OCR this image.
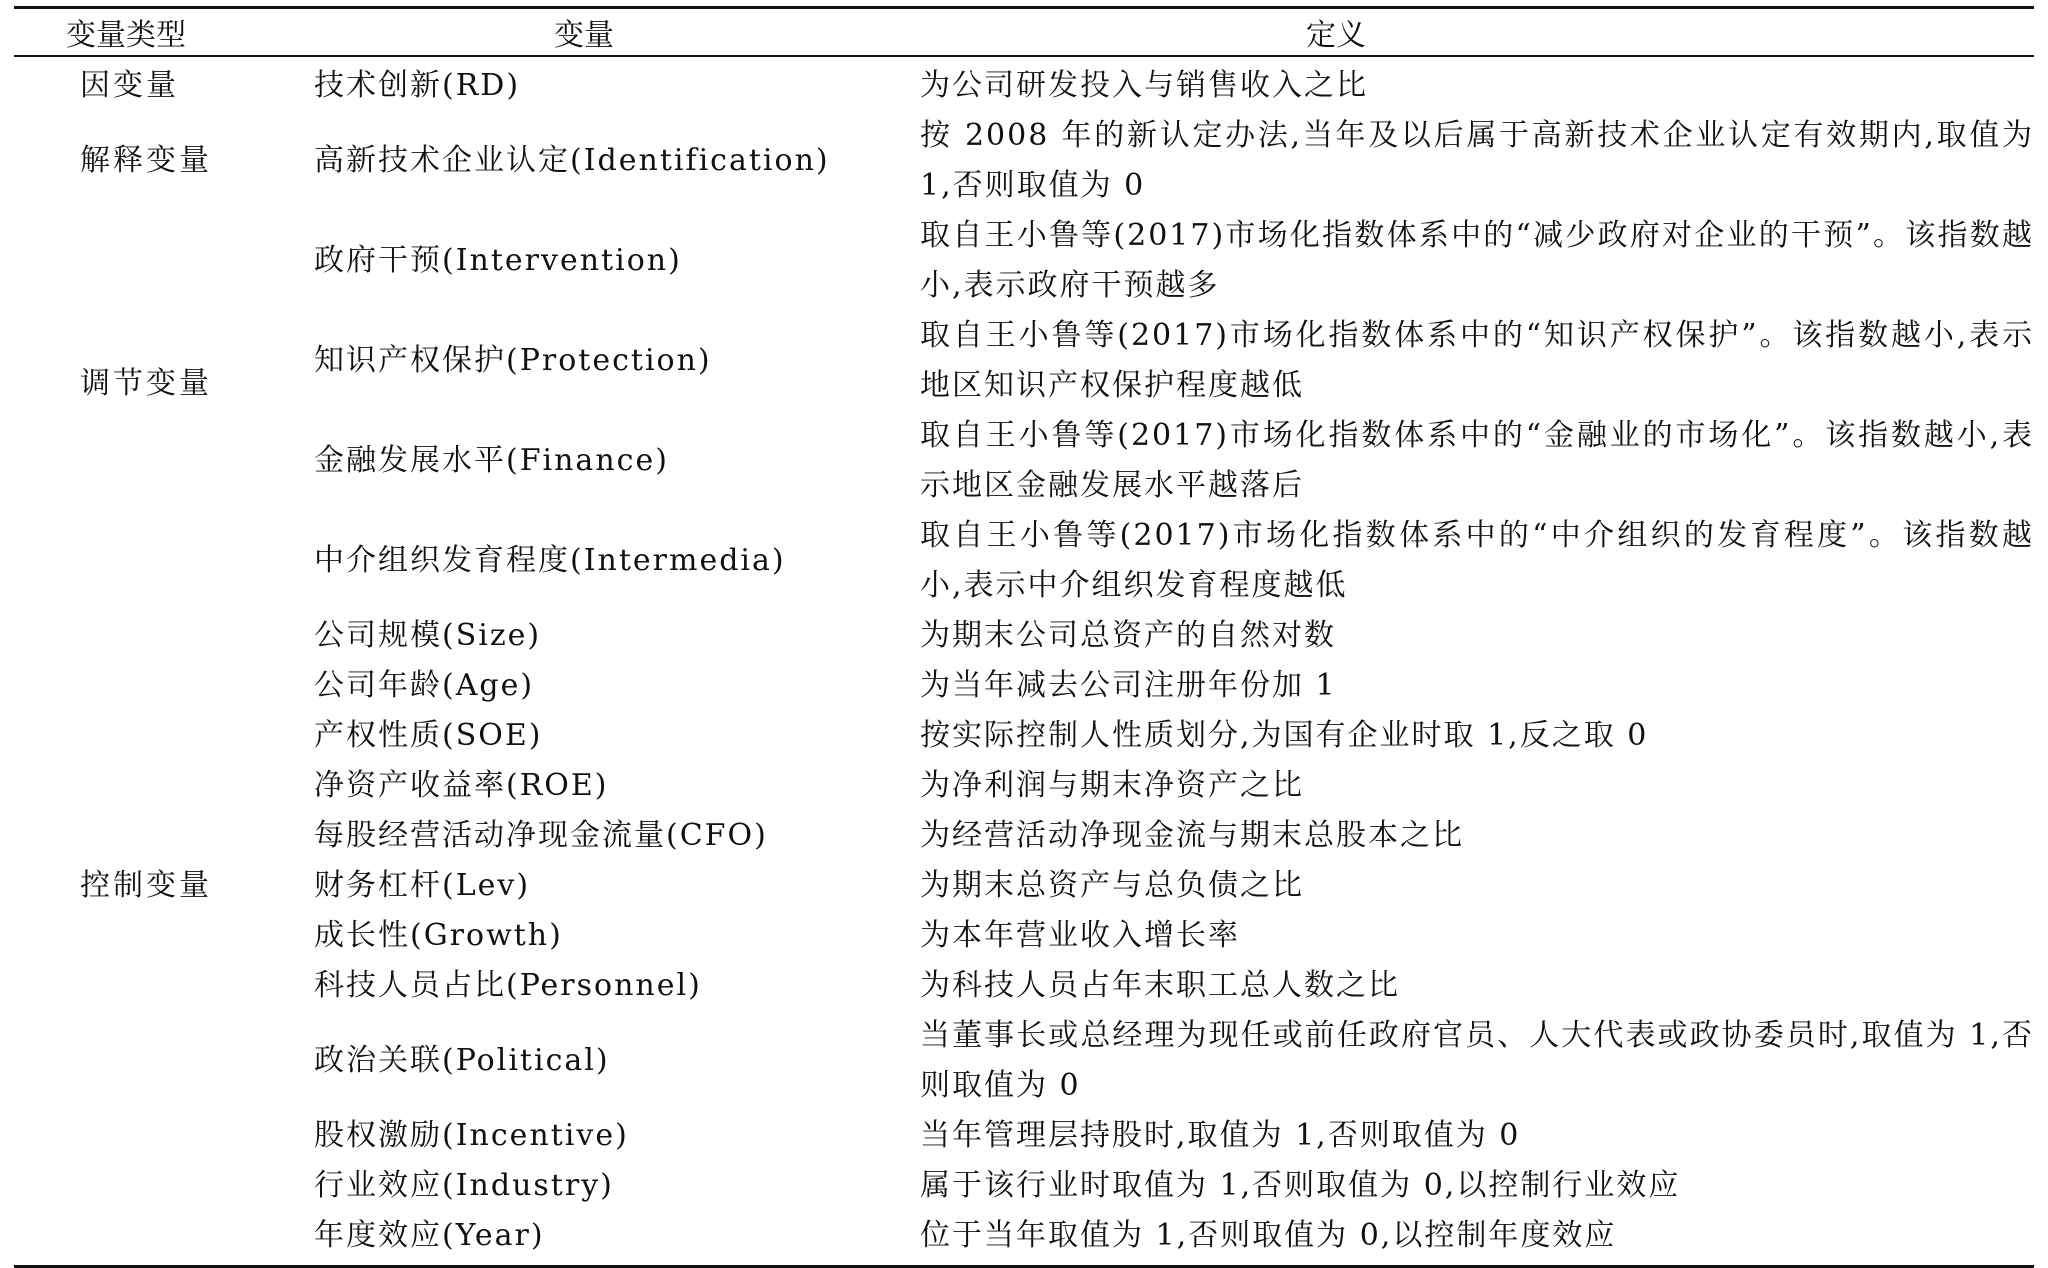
变量类型	变量	定义
因变量	技术创新(RD)	为公司研发投入与销售收入之比
解释变量	高新技术企业认定(Identification)	按 2008 年的新认定办法,当年及以后属于高新技术企业认定有效期内,取值为 1,否则取值为 0
	政府干预(Intervention)	取自王小鲁等(2017)市场化指数体系中的“减少政府对企业的干预”。该指数越小,表示政府干预越多
调节变量	知识产权保护(Protection)	取自王小鲁等(2017)市场化指数体系中的“知识产权保护”。该指数越小,表示地区知识产权保护程度越低
	金融发展水平(Finance)	取自王小鲁等(2017)市场化指数体系中的“金融业的市场化”。该指数越小,表示地区金融发展水平越落后
	中介组织发育程度(Intermedia)	取自王小鲁等(2017)市场化指数体系中的“中介组织的发育程度”。该指数越小,表示中介组织发育程度越低
	公司规模(Size)	为期末公司总资产的自然对数
	公司年龄(Age)	为当年减去公司注册年份加 1
	产权性质(SOE)	按实际控制人性质划分,为国有企业时取 1,反之取 0
	净资产收益率(ROE)	为净利润与期末净资产之比
	每股经营活动净现金流量(CFO)	为经营活动净现金流与期末总股本之比
控制变量	财务杠杆(Lev)	为期末总资产与总负债之比
	成长性(Growth)	为本年营业收入增长率
	科技人员占比(Personnel)	为科技人员占年末职工总人数之比
	政治关联(Political)	当董事长或总经理为现任或前任政府官员、人大代表或政协委员时,取值为 1,否则取值为 0
	股权激励(Incentive)	当年管理层持股时,取值为 1,否则取值为 0
	行业效应(Industry)	属于该行业时取值为 1,否则取值为 0,以控制行业效应
	年度效应(Year)	位于当年取值为 1,否则取值为 0,以控制年度效应
